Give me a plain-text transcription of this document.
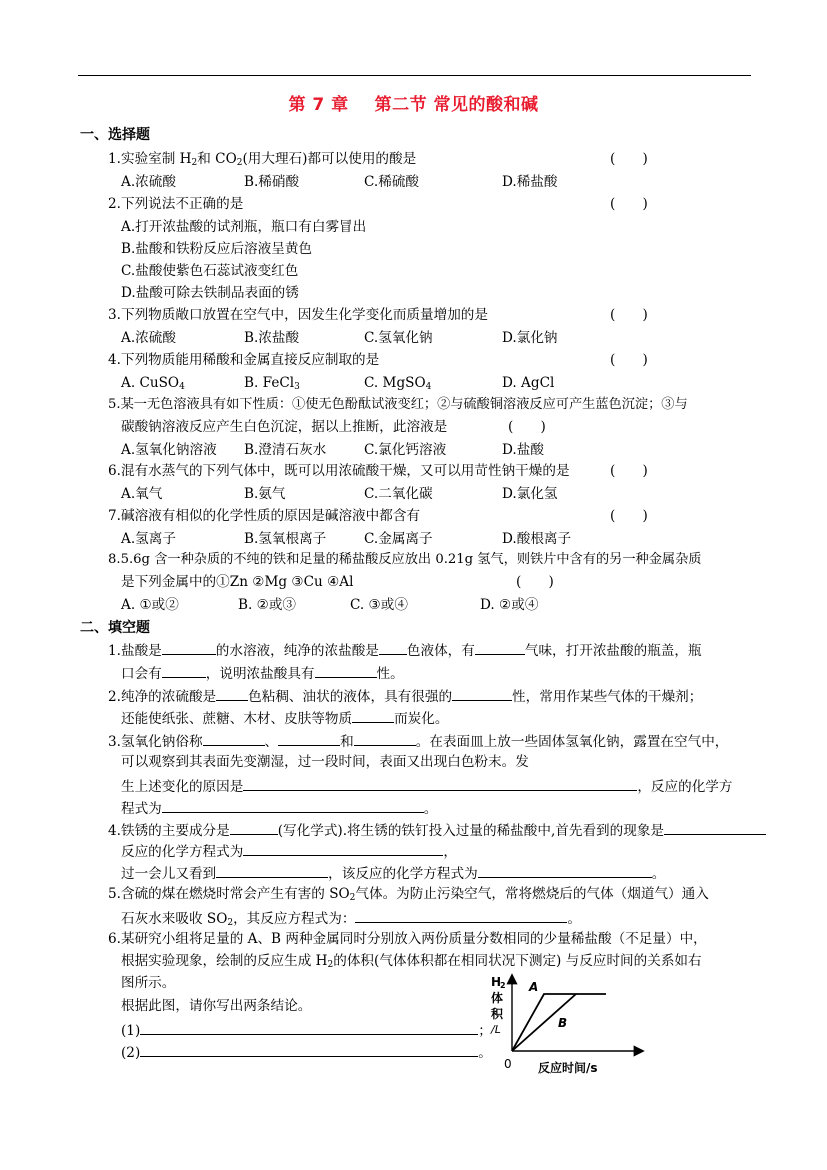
第 7 章 第二节 常见的酸和碱
一、选择题
1.实验室制 $H_2$和 $CO_2$(用大理石)都可以使用的酸是	(　　)
A.浓硫酸	B.稀硝酸	C.稀硫酸	D.稀盐酸
2.下列说法不正确的是	(　　)
A.打开浓盐酸的试剂瓶，瓶口有白雾冒出
B.盐酸和铁粉反应后溶液呈黄色
C.盐酸使紫色石蕊试液变红色
D.盐酸可除去铁制品表面的锈
3.下列物质敞口放置在空气中，因发生化学变化而质量增加的是	(　　)
A.浓硫酸	B.浓盐酸	C.氢氧化钠	D.氯化钠
4.下列物质能用稀酸和金属直接反应制取的是	(　　)
A. CuSO$_4$	B. FeCl$_3$	C. MgSO$_4$	D. AgCl
5.某一无色溶液具有如下性质：①使无色酚酞试液变红；②与硫酸铜溶液反应可产生蓝色沉淀；③与
碳酸钠溶液反应产生白色沉淀，据以上推断，此溶液是	(　　)
A.氢氧化钠溶液 B.澄清石灰水	C.氯化钙溶液	D.盐酸
6.混有水蒸气的下列气体中，既可以用浓硫酸干燥，又可以用苛性钠干燥的是	(　　)
A.氧气	B.氨气	C.二氧化碳	D.氯化氢
7.碱溶液有相似的化学性质的原因是碱溶液中都含有	(　　)
A.氢离子	B.氢氧根离子	C.金属离子	D.酸根离子
8.5.6g 含一种杂质的不纯的铁和足量的稀盐酸反应放出 0.21g 氢气，则铁片中含有的另一种金属杂质
是下列金属中的①Zn ②Mg ③Cu ④Al	(　　)
A. ①或②	B. ②或③	C. ③或④	D. ②或④
二、填空题
1.盐酸是	的水溶液，纯净的浓盐酸是 色液体，有	气味，打开浓盐酸的瓶盖，瓶
口会有	，说明浓盐酸具有	性。
2.纯净的浓硫酸是 色粘稠、油状的液体，具有很强的	性，常用作某些气体的干燥剂；
还能使纸张、蔗糖、木材、皮肤等物质	而炭化。
3.氢氧化钠俗称	、	和	。在表面皿上放一些固体氢氧化钠，露置在空气中，
可以观察到其表面先变潮湿，过一段时间，表面又出现白色粉末。发
生上述变化的原因是	，反应的化学方
程式为	。
4.铁锈的主要成分是	(写化学式).将生锈的铁钉投入过量的稀盐酸中,首先看到的现象是
反应的化学方程式为	，
过一会儿又看到	，该反应的化学方程式为	。
5.含硫的煤在燃烧时常会产生有害的 $SO_2$气体。为防止污染空气，常将燃烧后的气体（烟道气）通入
石灰水来吸收 $SO_2$，其反应方程式为：	。
6.某研究小组将足量的 A、B 两种金属同时分别放入两份质量分数相同的少量稀盐酸（不足量）中，
根据实验现象，绘制的反应生成 $H_2$的体积(气体体积都在相同状况下测定) 与反应时间的关系如右
图所示。
根据此图，请你写出两条结论。
(1)	；
(2)	。
H
2
体
积
/L
0 反应时间/s
A
B
